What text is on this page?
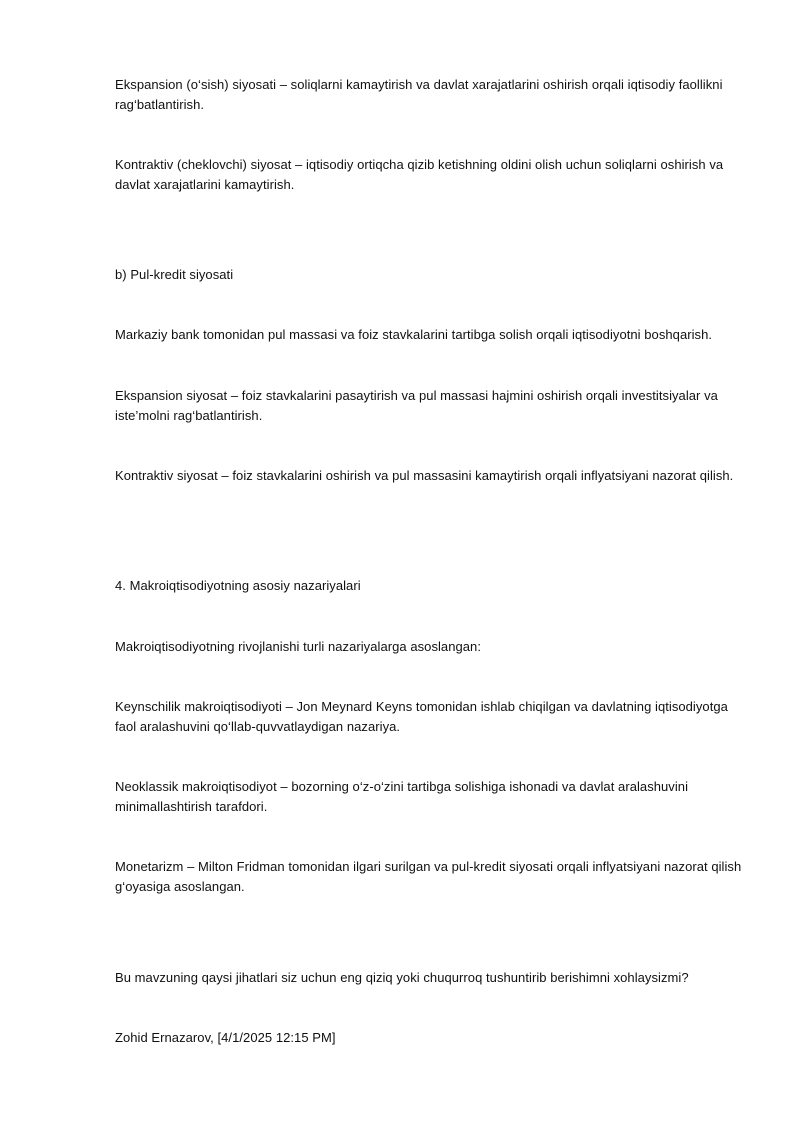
Ekspansion (o‘sish) siyosati – soliqlarni kamaytirish va davlat xarajatlarini oshirish orqali iqtisodiy faollikni rag‘batlantirish.

Kontraktiv (cheklovchi) siyosat – iqtisodiy ortiqcha qizib ketishning oldini olish uchun soliqlarni oshirish va davlat xarajatlarini kamaytirish.

b) Pul-kredit siyosati

Markaziy bank tomonidan pul massasi va foiz stavkalarini tartibga solish orqali iqtisodiyotni boshqarish.

Ekspansion siyosat – foiz stavkalarini pasaytirish va pul massasi hajmini oshirish orqali investitsiyalar va iste’molni rag‘batlantirish.

Kontraktiv siyosat – foiz stavkalarini oshirish va pul massasini kamaytirish orqali inflyatsiyani nazorat qilish.

4. Makroiqtisodiyotning asosiy nazariyalari

Makroiqtisodiyotning rivojlanishi turli nazariyalarga asoslangan:

Keynschilik makroiqtisodiyoti – Jon Meynard Keyns tomonidan ishlab chiqilgan va davlatning iqtisodiyotga faol aralashuvini qo‘llab-quvvatlaydigan nazariya.

Neoklassik makroiqtisodiyot – bozorning o‘z-o‘zini tartibga solishiga ishonadi va davlat aralashuvini minimallashtirish tarafdori.

Monetarizm – Milton Fridman tomonidan ilgari surilgan va pul-kredit siyosati orqali inflyatsiyani nazorat qilish g‘oyasiga asoslangan.

Bu mavzuning qaysi jihatlari siz uchun eng qiziq yoki chuqurroq tushuntirib berishimni xohlaysizmi?

Zohid Ernazarov, [4/1/2025 12:15 PM]
